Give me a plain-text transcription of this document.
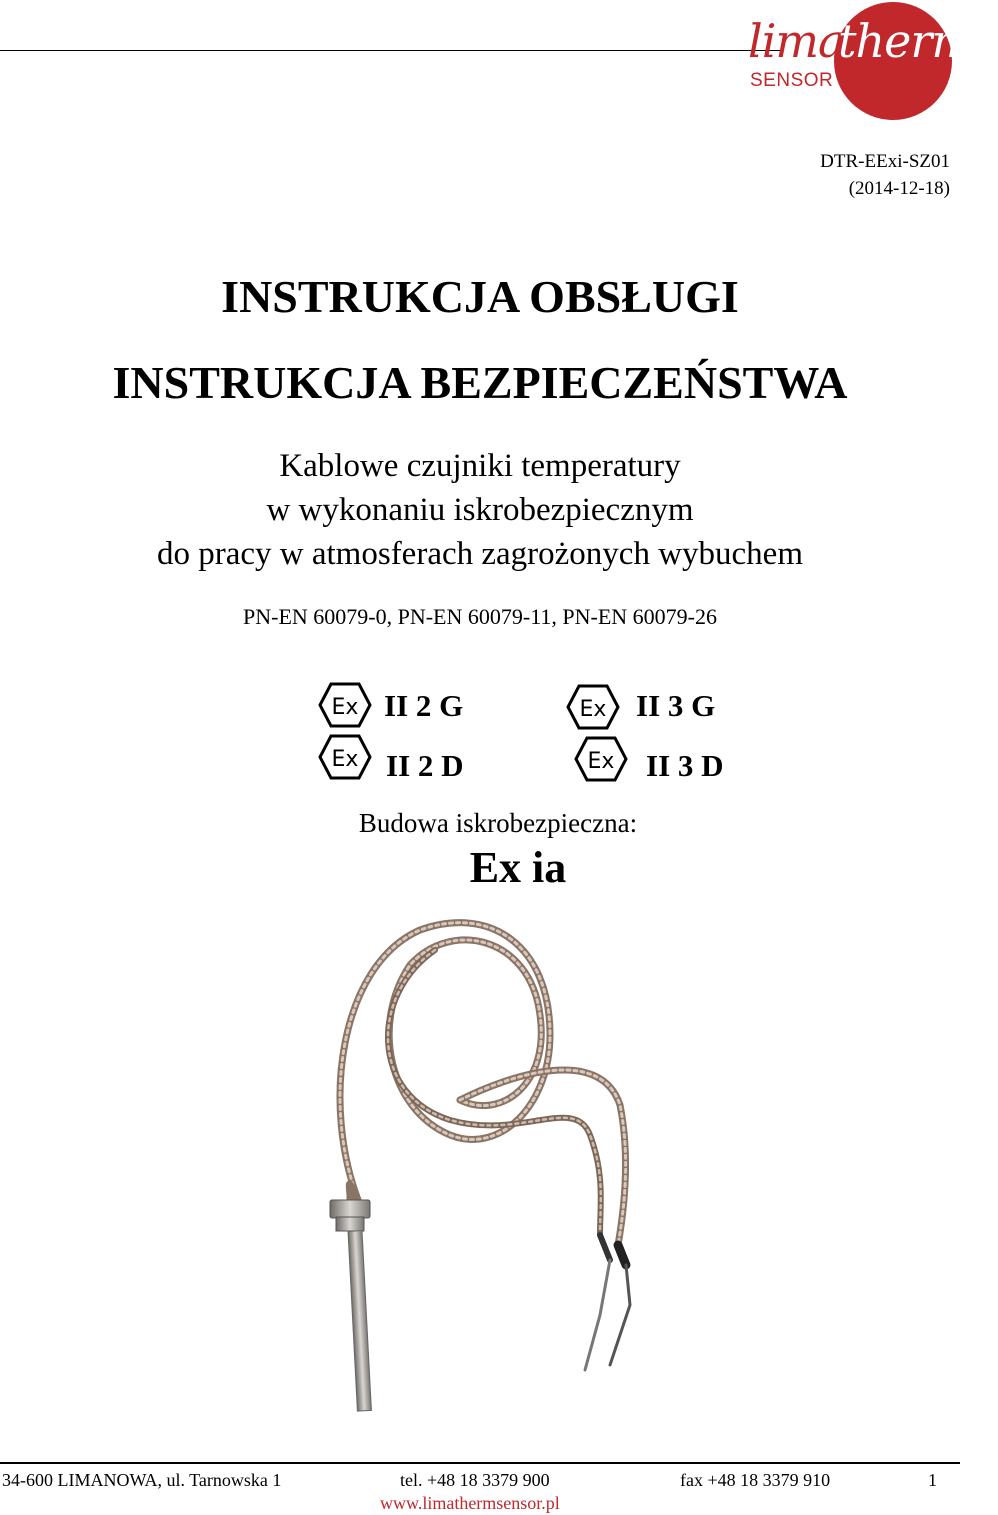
lima
therm
SENSOR
DTR-EExi-SZ01
(2014-12-18)
INSTRUKCJA OBSŁUGI
INSTRUKCJA BEZPIECZEŃSTWA
Kablowe czujniki temperatury
w wykonaniu iskrobezpiecznym
do pracy w atmosferach zagrożonych wybuchem
PN-EN 60079-0, PN-EN 60079-11, PN-EN 60079-26
Ex II 2 G
Ex II 2 D
Ex II 3 G
Ex II 3 D
Budowa iskrobezpieczna:
Ex ia
34-600 LIMANOWA, ul. Tarnowska 1	tel. +48 18 3379 900	fax +48 18 3379 910	1
www.limathermsensor.pl
